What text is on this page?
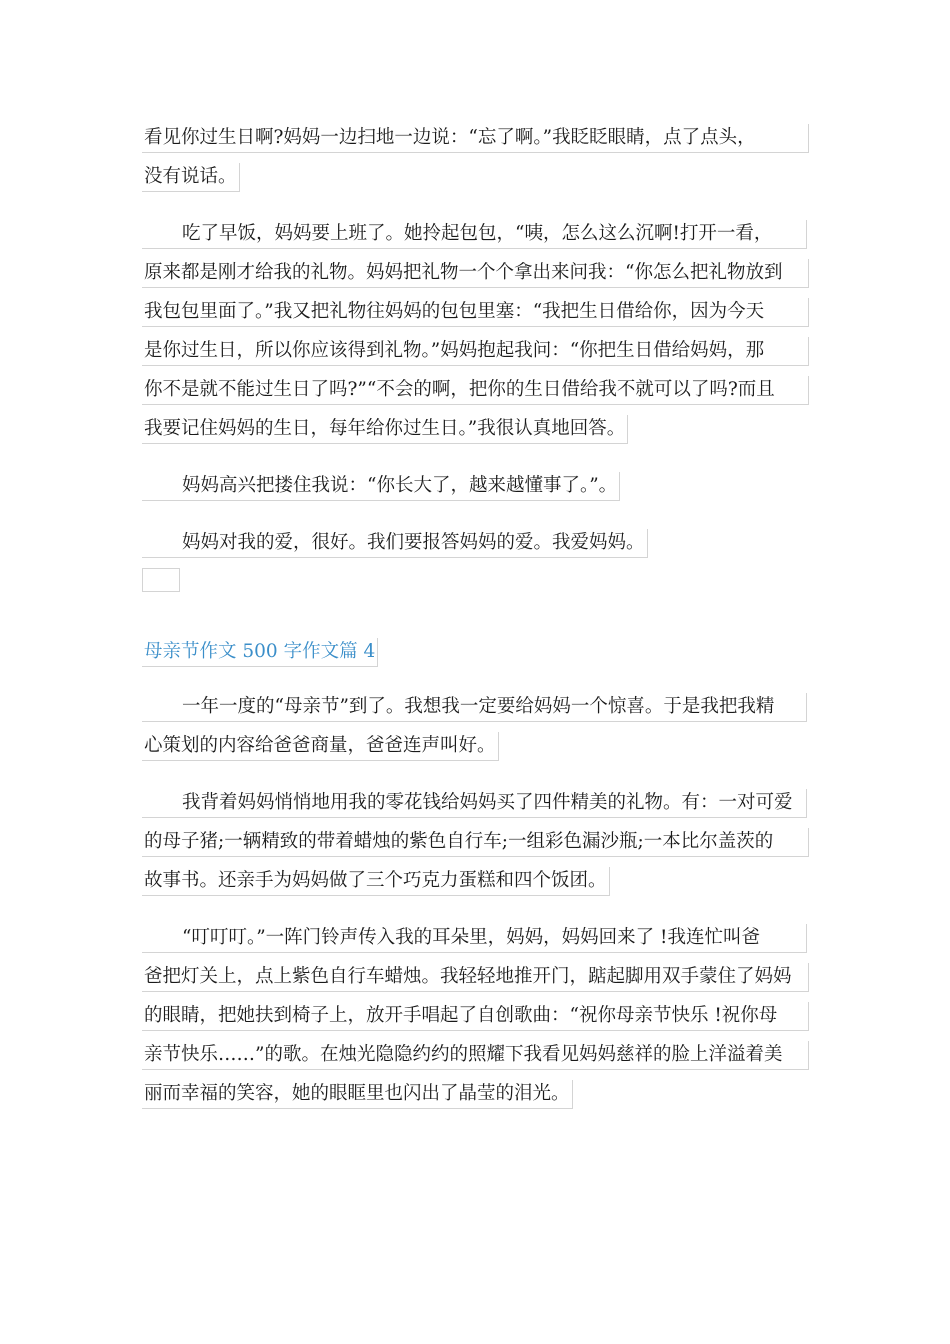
看见你过生日啊?妈妈一边扫地一边说：“忘了啊。”我眨眨眼睛，点了点头，
没有说话。
吃了早饭，妈妈要上班了。她拎起包包，“咦，怎么这么沉啊!打开一看，
原来都是刚才给我的礼物。妈妈把礼物一个个拿出来问我：“你怎么把礼物放到
我包包里面了。”我又把礼物往妈妈的包包里塞：“我把生日借给你，因为今天
是你过生日，所以你应该得到礼物。”妈妈抱起我问：“你把生日借给妈妈，那
你不是就不能过生日了吗?”“不会的啊，把你的生日借给我不就可以了吗?而且
我要记住妈妈的生日，每年给你过生日。”我很认真地回答。
妈妈高兴把搂住我说：“你长大了，越来越懂事了。”。
妈妈对我的爱，很好。我们要报答妈妈的爱。我爱妈妈。
母亲节作文 500 字作文篇 4
一年一度的“母亲节”到了。我想我一定要给妈妈一个惊喜。于是我把我精
心策划的内容给爸爸商量，爸爸连声叫好。
我背着妈妈悄悄地用我的零花钱给妈妈买了四件精美的礼物。有：一对可爱
的母子猪;一辆精致的带着蜡烛的紫色自行车;一组彩色漏沙瓶;一本比尔盖茨的
故事书。还亲手为妈妈做了三个巧克力蛋糕和四个饭团。
“叮叮叮。”一阵门铃声传入我的耳朵里，妈妈，妈妈回来了 !我连忙叫爸
爸把灯关上，点上紫色自行车蜡烛。我轻轻地推开门，踮起脚用双手蒙住了妈妈
的眼睛，把她扶到椅子上，放开手唱起了自创歌曲：“祝你母亲节快乐 !祝你母
亲节快乐……”的歌。在烛光隐隐约约的照耀下我看见妈妈慈祥的脸上洋溢着美
丽而幸福的笑容，她的眼眶里也闪出了晶莹的泪光。
